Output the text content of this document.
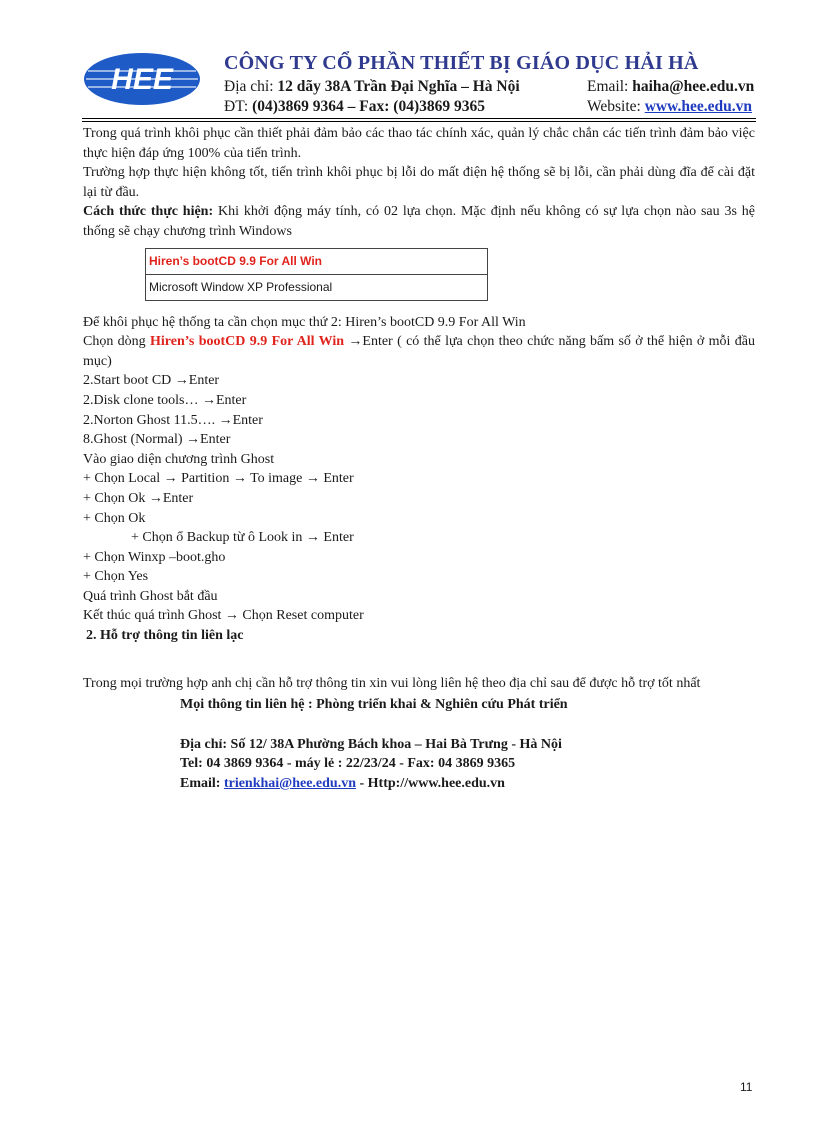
HEE	CÔNG TY CỔ PHẦN THIẾT BỊ GIÁO DỤC HẢI HÀ
Địa chỉ: 12 dãy 38A Trần Đại Nghĩa – Hà Nội
ĐT: (04)3869 9364 – Fax: (04)3869 9365
Email: haiha@hee.edu.vn
Website: www.hee.edu.vn
Trong quá trình khôi phục cần thiết phải đảm bảo các thao tác chính xác, quản lý chắc chắn các tiến trình đảm bảo việc thực hiện đáp ứng 100% của tiến trình.
Trường hợp thực hiện không tốt, tiến trình khôi phục bị lỗi do mất điện hệ thống sẽ bị lỗi, cần phải dùng đĩa để cài đặt lại từ đầu.
Cách thức thực hiện: Khi khởi động máy tính, có 02 lựa chọn. Mặc định nếu không có sự lựa chọn nào sau 3s hệ thống sẽ chạy chương trình Windows
Hiren’s bootCD 9.9 For All Win
Microsoft Window XP Professional
Để khôi phục hệ thống ta cần chọn mục thứ 2: Hiren’s bootCD 9.9 For All Win
Chọn dòng Hiren’s bootCD 9.9 For All Win →Enter ( có thể lựa chọn theo chức năng bấm số ở thể hiện ở mỗi đầu mục)
2.Start boot CD →Enter
2.Disk clone tools… →Enter
2.Norton Ghost 11.5…. →Enter
8.Ghost (Normal) →Enter
Vào giao diện chương trình Ghost
+ Chọn Local → Partition → To image → Enter
+ Chọn Ok →Enter
+ Chọn Ok
+ Chọn ổ Backup từ ô Look in → Enter
+ Chọn Winxp –boot.gho
+ Chọn Yes
Quá trình Ghost bắt đầu
Kết thúc quá trình Ghost → Chọn Reset computer
2. Hỗ trợ thông tin liên lạc
Trong mọi trường hợp anh chị cần hỗ trợ thông tin xin vui lòng liên hệ theo địa chỉ sau để được hỗ trợ tốt nhất
Mọi thông tin liên hệ : Phòng triển khai & Nghiên cứu Phát triển
Địa chỉ: Số 12/ 38A Phường Bách khoa – Hai Bà Trưng - Hà Nội
Tel: 04 3869 9364 - máy lẻ : 22/23/24 - Fax: 04 3869 9365
Email: trienkhai@hee.edu.vn - Http://www.hee.edu.vn
11
